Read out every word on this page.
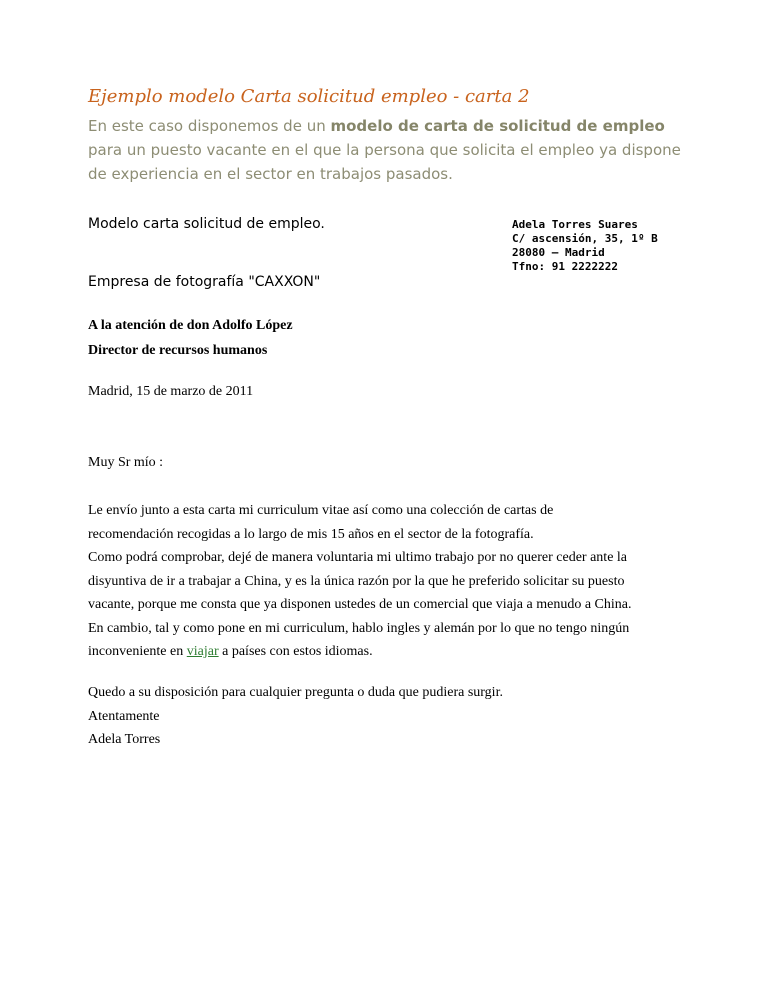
Ejemplo modelo Carta solicitud empleo - carta 2
En este caso disponemos de un modelo de carta de solicitud de empleo para un puesto vacante en el que la persona que solicita el empleo ya dispone de experiencia en el sector en trabajos pasados.
Modelo carta solicitud de empleo.	Adela Torres Suares
C/ ascensión, 35, 1º B
28080 – Madrid
Tfno: 91 2222222
Empresa de fotografía "CAXXON"
A la atención de don Adolfo López
Director de recursos humanos
Madrid, 15 de marzo de 2011
Muy Sr mío :
Le envío junto a esta carta mi curriculum vitae así como una colección de cartas de
recomendación recogidas a lo largo de mis 15 años en el sector de la fotografía.
Como podrá comprobar, dejé de manera voluntaria mi ultimo trabajo por no querer ceder ante la
disyuntiva de ir a trabajar a China, y es la única razón por la que he preferido solicitar su puesto
vacante, porque me consta que ya disponen ustedes de un comercial que viaja a menudo a China.
En cambio, tal y como pone en mi curriculum, hablo ingles y alemán por lo que no tengo ningún
inconveniente en viajar a países con estos idiomas.
Quedo a su disposición para cualquier pregunta o duda que pudiera surgir.
Atentamente
Adela Torres
